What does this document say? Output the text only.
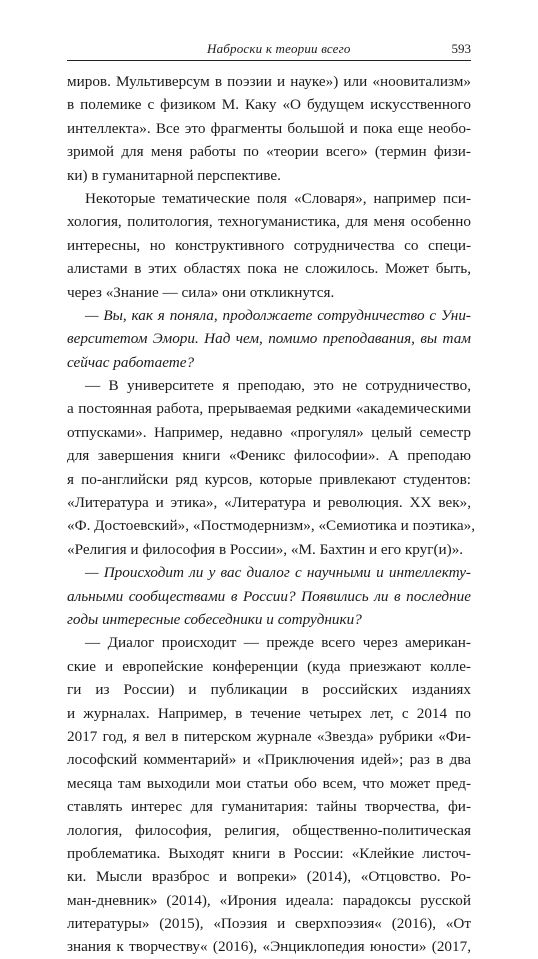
Наброски к теории всего	593
миров. Мультиверсум в поэзии и науке») или «ноовитализм»
в полемике с физиком М. Каку «О будущем искусственного
интеллекта». Все это фрагменты большой и пока еще необо-
зримой для меня работы по «теории всего» (термин физи-
ки) в гуманитарной перспективе.
Некоторые тематические поля «Словаря», например пси-
хология, политология, техногуманистика, для меня особенно
интересны, но конструктивного сотрудничества со специ-
алистами в этих областях пока не сложилось. Может быть,
через «Знание — сила» они откликнутся.
— Вы, как я поняла, продолжаете сотрудничество с Уни-
верситетом Эмори. Над чем, помимо преподавания, вы там
сейчас работаете?
— В университете я преподаю, это не сотрудничество,
а постоянная работа, прерываемая редкими «академическими
отпусками». Например, недавно «прогулял» целый семестр
для завершения книги «Феникс философии». А преподаю
я по-английски ряд курсов, которые привлекают студентов:
«Литература и этика», «Литература и революция. XX век»,
«Ф. Достоевский», «Постмодернизм», «Семиотика и поэтика»,
«Религия и философия в России», «М. Бахтин и его круг(и)».
— Происходит ли у вас диалог с научными и интеллекту-
альными сообществами в России? Появились ли в последние
годы интересные собеседники и сотрудники?
— Диалог происходит — прежде всего через американ-
ские и европейские конференции (куда приезжают колле-
ги из России) и публикации в российских изданиях
и журналах. Например, в течение четырех лет, с 2014 по
2017 год, я вел в питерском журнале «Звезда» рубрики «Фи-
лософский комментарий» и «Приключения идей»; раз в два
месяца там выходили мои статьи обо всем, что может пред-
ставлять интерес для гуманитария: тайны творчества, фи-
лология, философия, религия, общественно-политическая
проблематика. Выходят книги в России: «Клейкие листоч-
ки. Мысли вразброс и вопреки» (2014), «Отцовство. Ро-
ман-дневник» (2014), «Ирония идеала: парадоксы русской
литературы» (2015), «Поэзия и сверхпоэзия« (2016), «От
знания к творчеству« (2016), «Энциклопедия юности» (2017,
